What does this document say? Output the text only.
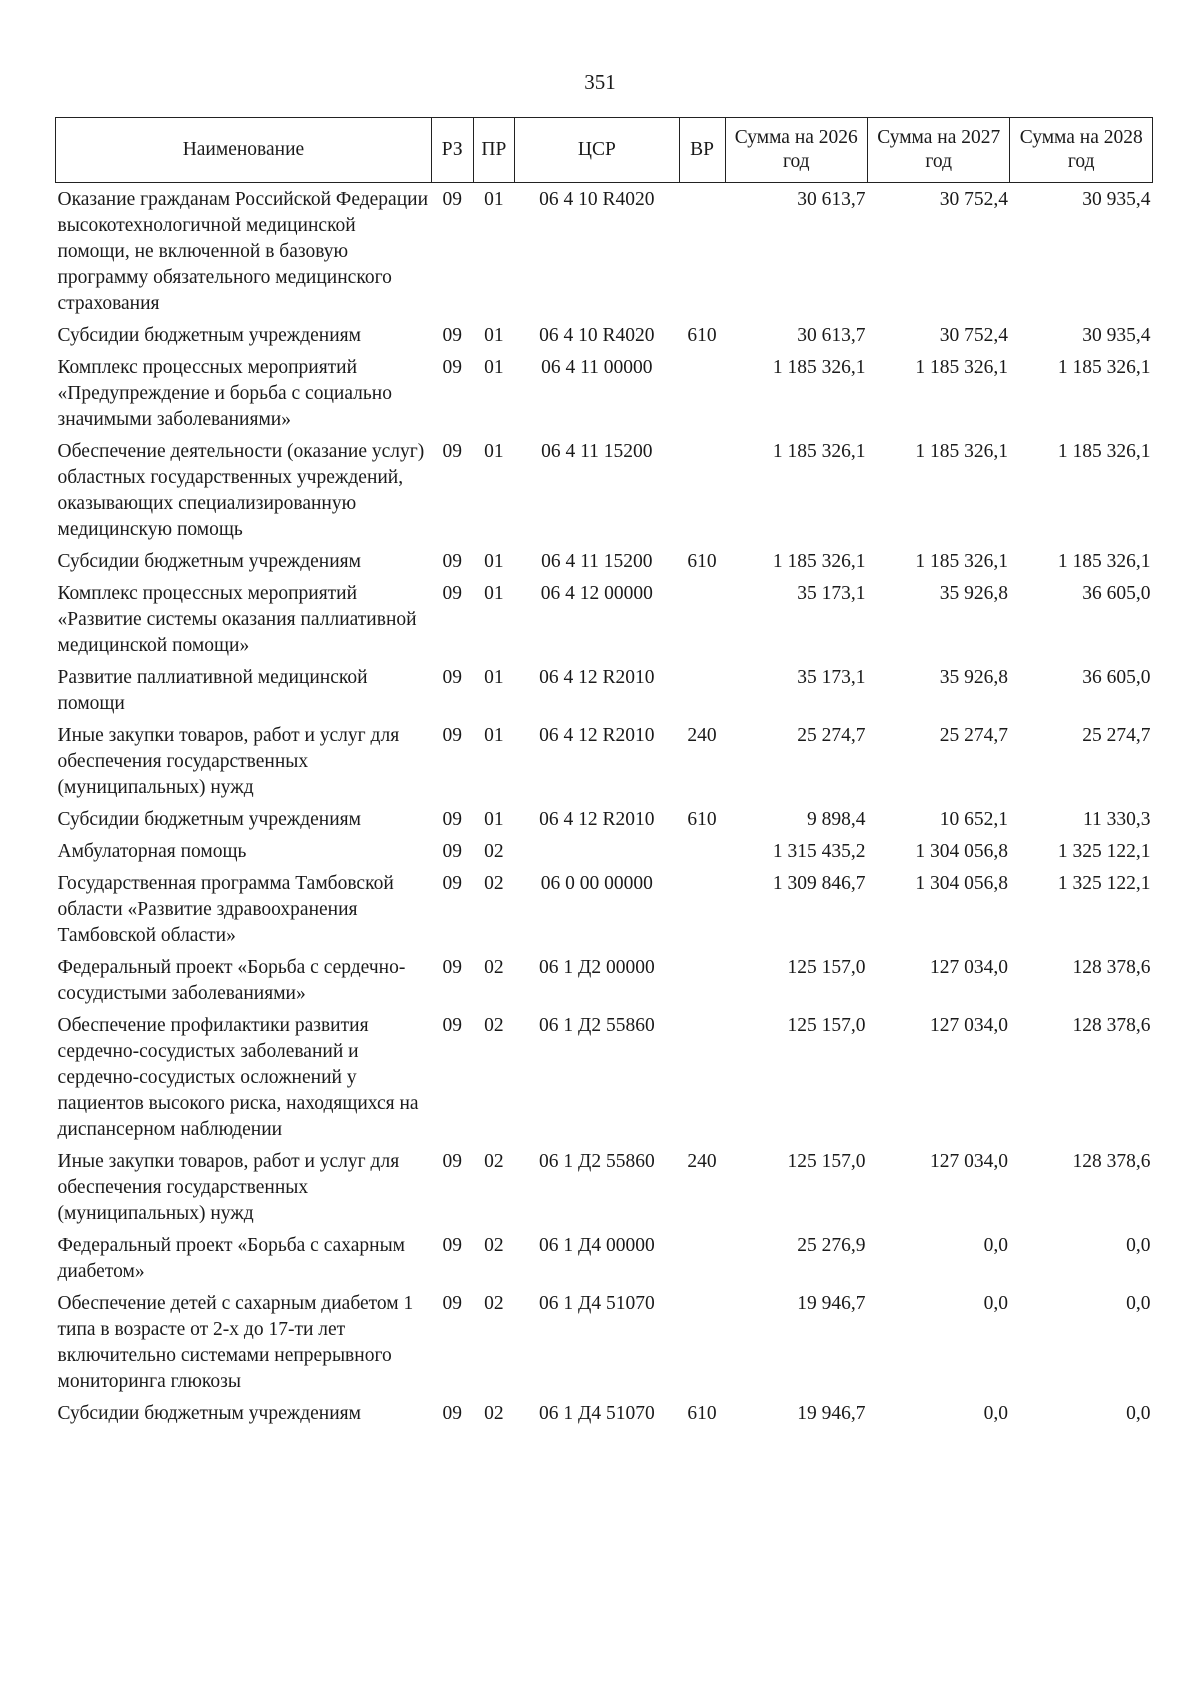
351
Наименование	РЗ	ПР	ЦСР	ВР	Сумма на 2026 год	Сумма на 2027 год	Сумма на 2028 год
Оказание гражданам Российской Федерации высокотехнологичной медицинской помощи, не включенной в базовую программу обязательного медицинского страхования	09	01	06 4 10 R4020		30 613,7	30 752,4	30 935,4
Субсидии бюджетным учреждениям	09	01	06 4 10 R4020	610	30 613,7	30 752,4	30 935,4
Комплекс процессных мероприятий «Предупреждение и борьба с социально значимыми заболеваниями»	09	01	06 4 11 00000		1 185 326,1	1 185 326,1	1 185 326,1
Обеспечение деятельности (оказание услуг) областных государственных учреждений, оказывающих специализированную медицинскую помощь	09	01	06 4 11 15200		1 185 326,1	1 185 326,1	1 185 326,1
Субсидии бюджетным учреждениям	09	01	06 4 11 15200	610	1 185 326,1	1 185 326,1	1 185 326,1
Комплекс процессных мероприятий «Развитие системы оказания паллиативной медицинской помощи»	09	01	06 4 12 00000		35 173,1	35 926,8	36 605,0
Развитие паллиативной медицинской помощи	09	01	06 4 12 R2010		35 173,1	35 926,8	36 605,0
Иные закупки товаров, работ и услуг для обеспечения государственных (муниципальных) нужд	09	01	06 4 12 R2010	240	25 274,7	25 274,7	25 274,7
Субсидии бюджетным учреждениям	09	01	06 4 12 R2010	610	9 898,4	10 652,1	11 330,3
Амбулаторная помощь	09	02			1 315 435,2	1 304 056,8	1 325 122,1
Государственная программа Тамбовской области «Развитие здравоохранения Тамбовской области»	09	02	06 0 00 00000		1 309 846,7	1 304 056,8	1 325 122,1
Федеральный проект «Борьба с сердечно-сосудистыми заболеваниями»	09	02	06 1 Д2 00000		125 157,0	127 034,0	128 378,6
Обеспечение профилактики развития сердечно-сосудистых заболеваний и сердечно-сосудистых осложнений у пациентов высокого риска, находящихся на диспансерном наблюдении	09	02	06 1 Д2 55860		125 157,0	127 034,0	128 378,6
Иные закупки товаров, работ и услуг для обеспечения государственных (муниципальных) нужд	09	02	06 1 Д2 55860	240	125 157,0	127 034,0	128 378,6
Федеральный проект «Борьба с сахарным диабетом»	09	02	06 1 Д4 00000		25 276,9	0,0	0,0
Обеспечение детей с сахарным диабетом 1 типа в возрасте от 2-х до 17-ти лет включительно системами непрерывного мониторинга глюкозы	09	02	06 1 Д4 51070		19 946,7	0,0	0,0
Субсидии бюджетным учреждениям	09	02	06 1 Д4 51070	610	19 946,7	0,0	0,0
